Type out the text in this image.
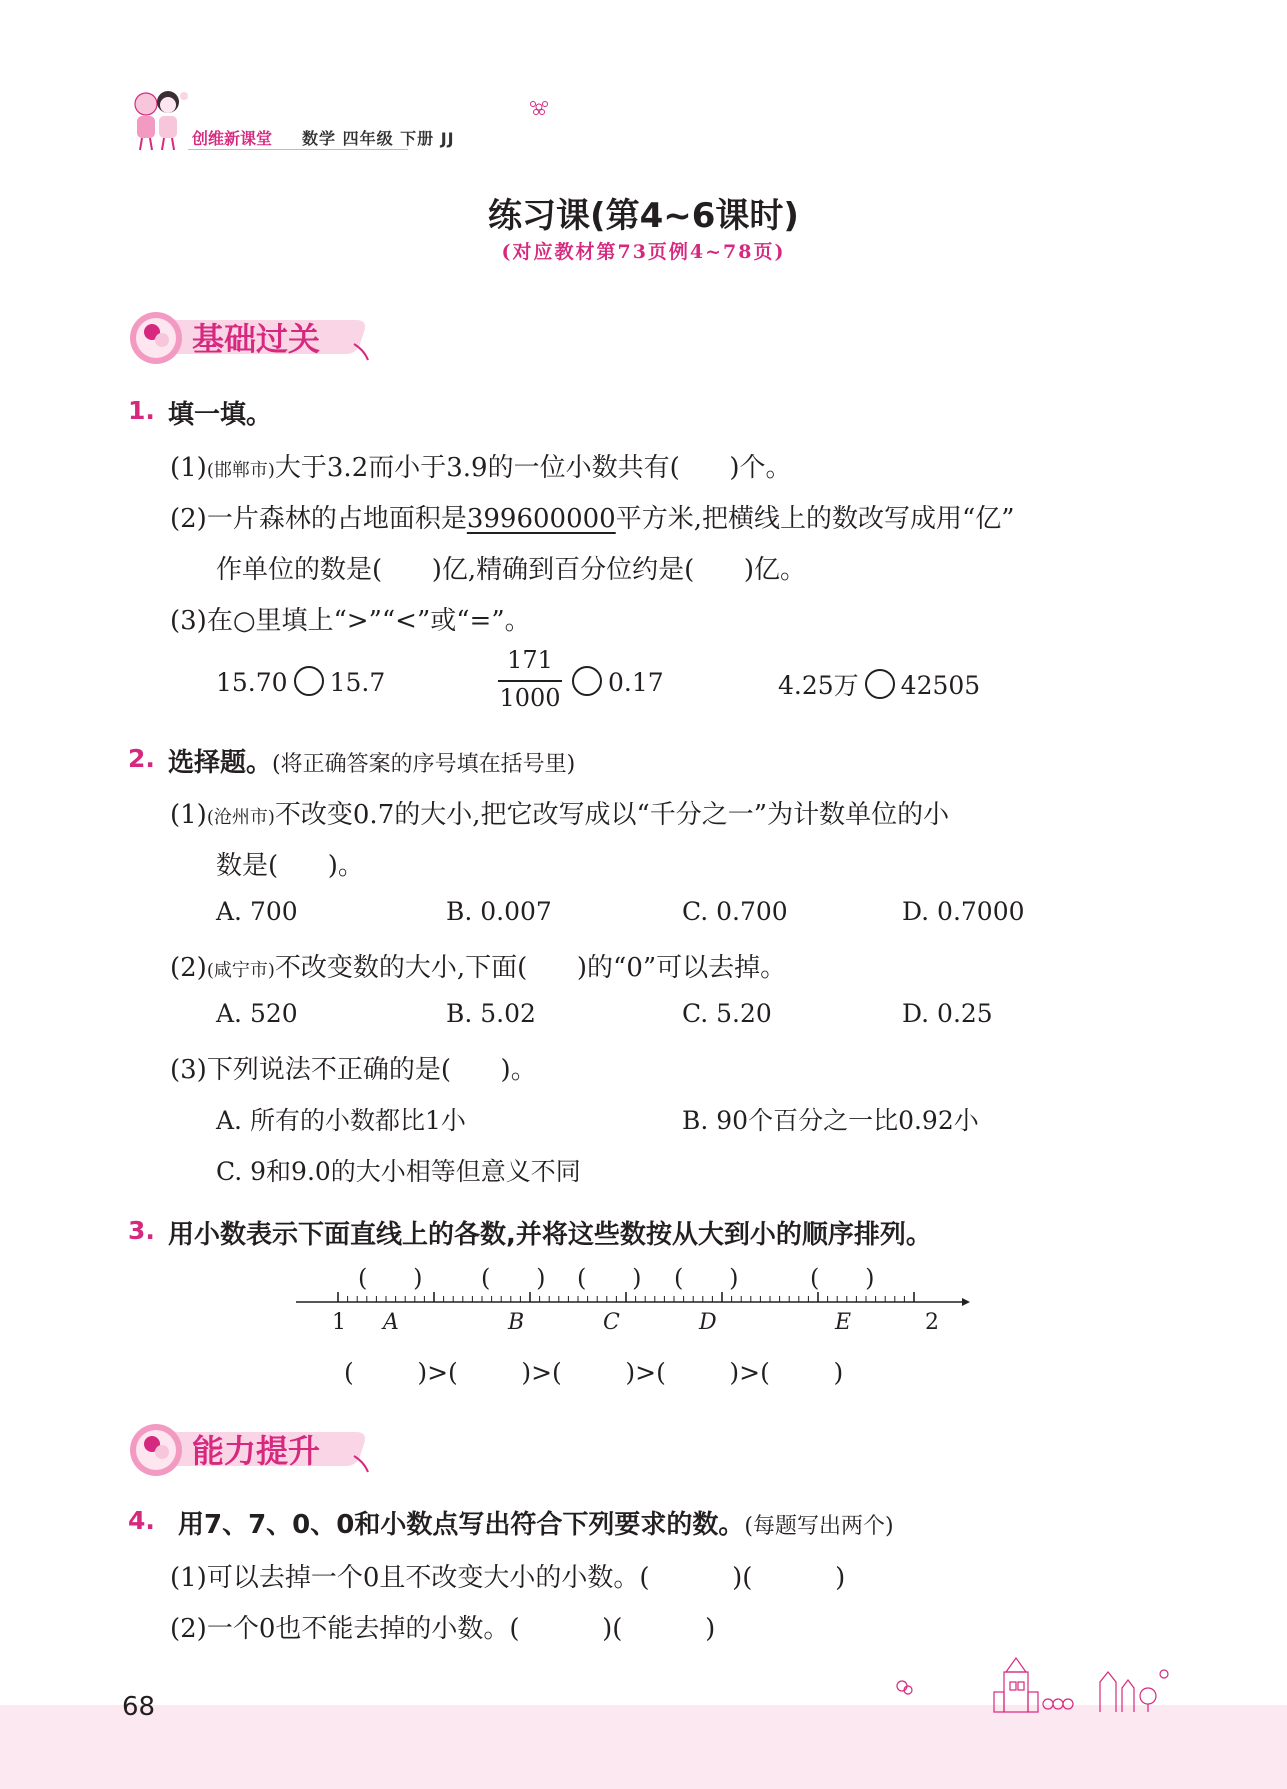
创维新课堂 数学 四年级 下册 JJ
练习课(第4~6课时)
(对应教材第73页例4~78页)
基础过关
1. 填一填。
(1)(邯郸市)大于3.2而小于3.9的一位小数共有(      )个。
(2)一片森林的占地面积是399600000平方米,把横线上的数改写成用“亿”
作单位的数是(      )亿,精确到百分位约是(      )亿。
(3)在○里填上“>”“<”或“=”。
15.70 15.7
171
1000
0.17	4.25万 42505
2. 选择题。(将正确答案的序号填在括号里)
(1)(沧州市)不改变0.7的大小,把它改写成以“千分之一”为计数单位的小
数是(      )。
A. 700	B. 0.007	C. 0.700	D. 0.7000
(2)(咸宁市)不改变数的大小,下面(      )的“0”可以去掉。
A. 520	B. 5.02	C. 5.20	D. 0.25
(3)下列说法不正确的是(      )。
A. 所有的小数都比1小	B. 90个百分之一比0.92小
C. 9和9.0的大小相等但意义不同
3. 用小数表示下面直线上的各数,并将这些数按从大到小的顺序排列。
(      ) (      ) (      ) (      )	(      )
1 A	B	C	D	E	2
(        )>(        )>(        )>(        )>(        )
能力提升
4. 用7、7、0、0和小数点写出符合下列要求的数。(每题写出两个)
(1)可以去掉一个0且不改变大小的小数。(          )(          )
(2)一个0也不能去掉的小数。(          )(          )
68
